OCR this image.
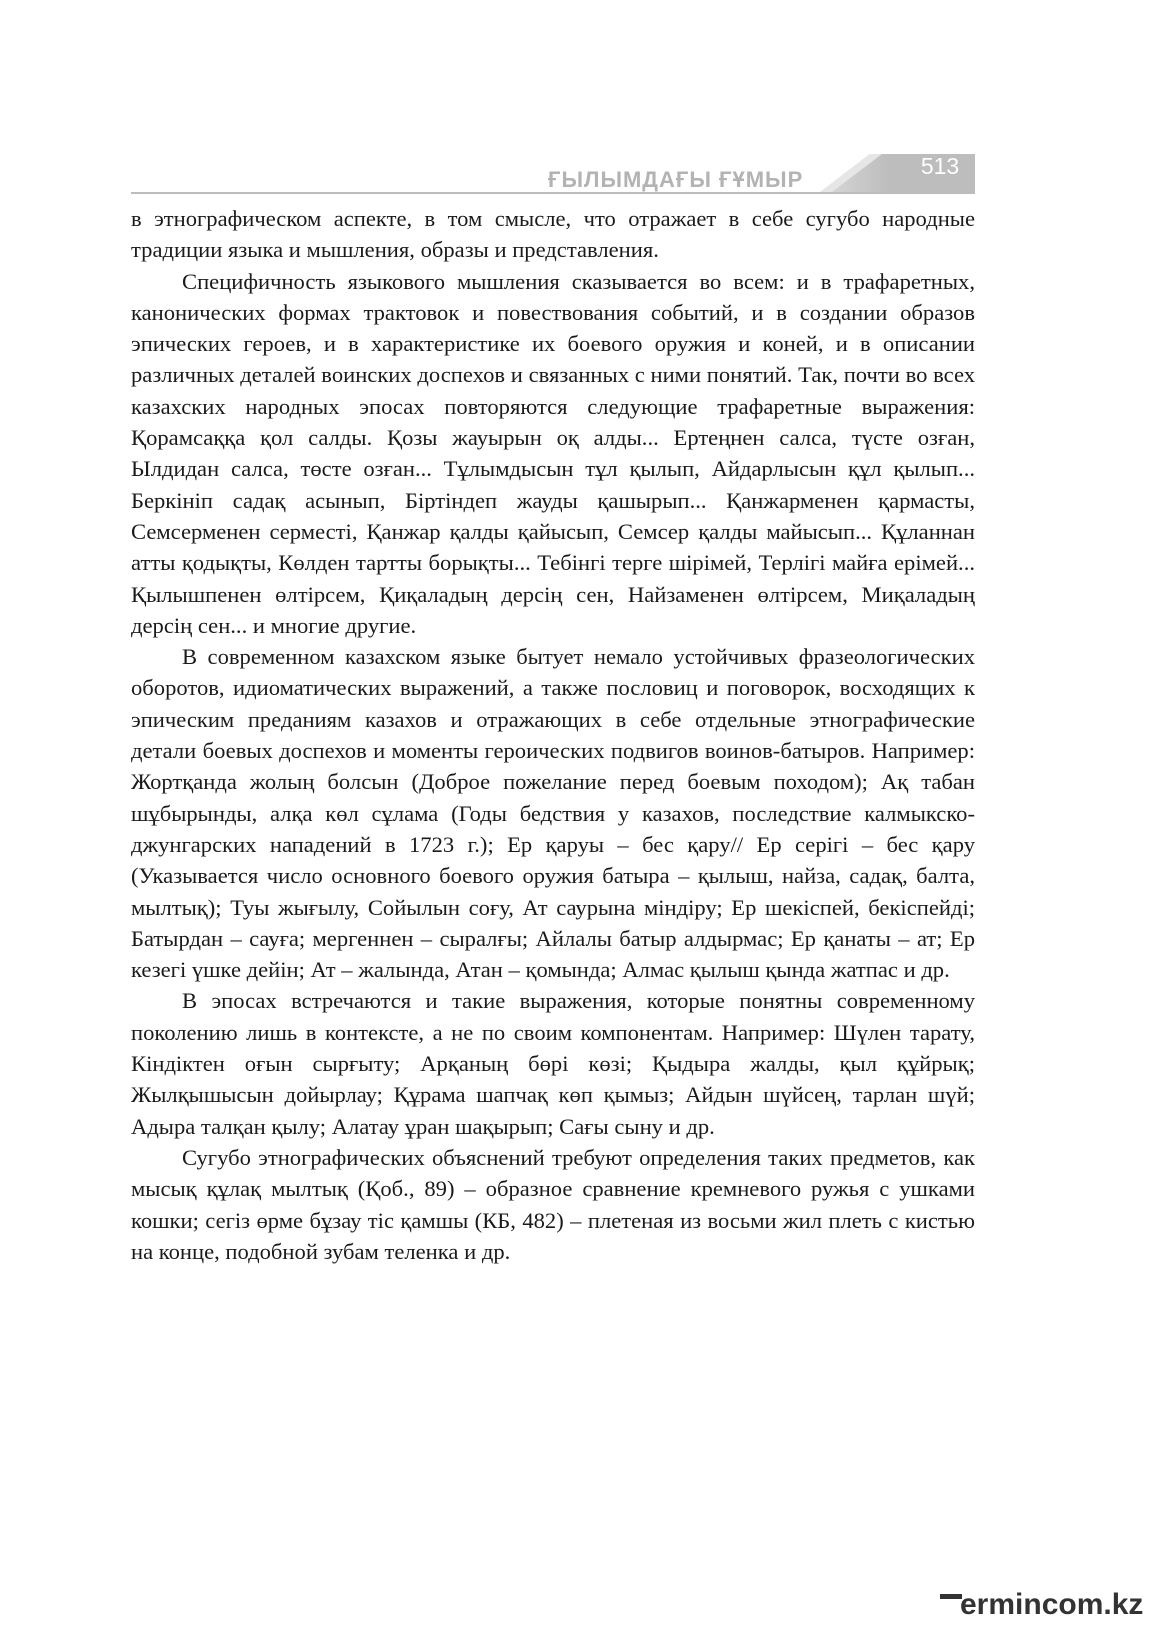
ҒЫЛЫМДАҒЫ ҒҰМЫР
513

в этнографическом аспекте, в том смысле, что отражает в себе сугубо народные традиции языка и мышления, образы и представления.

Специфичность языкового мышления сказывается во всем: и в трафаретных, канонических формах трактовок и повествования событий, и в создании образов эпических героев, и в характеристике их боевого оружия и коней, и в описании различных деталей воинских доспехов и связанных с ними понятий. Так, почти во всех казахских народных эпосах повторяются следующие трафаретные выражения: Қорамсаққа қол салды. Қозы жауырын оқ алды... Ертеңнен салса, түсте озған, Ылдидан салса, төсте озған... Тұлымдысын тұл қылып, Айдарлысын құл қылып... Беркініп садақ асынып, Біртіндеп жауды қашырып... Қанжарменен қармасты, Семсерменен серместі, Қанжар қалды қайысып, Семсер қалды майысып... Құланнан атты қодықты, Көлден тартты борықты... Тебінгі терге шірімей, Терлігі майға ерімей... Қылышпенен өлтірсем, Қиқаладың дерсің сен, Найзаменен өлтірсем, Миқаладың дерсің сен... и многие другие.

В современном казахском языке бытует немало устойчивых фразеологических оборотов, идиоматических выражений, а также пословиц и поговорок, восходящих к эпическим преданиям казахов и отражающих в себе отдельные этнографические детали боевых доспехов и моменты героических подвигов воинов-батыров. Например: Жортқанда жолың болсын (Доброе пожелание перед боевым походом); Ақ табан шұбырынды, алқа көл сұлама (Годы бедствия у казахов, последствие калмыкско-джунгарских нападений в 1723 г.); Ер қаруы – бес қару// Ер серігі – бес қару (Указывается число основного боевого оружия батыра – қылыш, найза, садақ, балта, мылтық); Туы жығылу, Сойылын соғу, Ат саурына міндіру; Ер шекіспей, бекіспейді; Батырдан – сауға; мергеннен – сыралғы; Айлалы батыр алдырмас; Ер қанаты – ат; Ер кезегі үшке дейін; Ат – жалында, Атан – қомында; Алмас қылыш қында жатпас и др.

В эпосах встречаются и такие выражения, которые понятны современному поколению лишь в контексте, а не по своим компонентам. Например: Шүлен тарату, Кіндіктен оғын сырғыту; Арқаның бөрі көзі; Қыдыра жалды, қыл құйрық; Жылқышысын дойырлау; Құрама шапчақ көп қымыз; Айдын шүйсең, тарлан шүй; Адыра талқан қылу; Алатау ұран шақырып; Сағы сыну и др.

Сугубо этнографических объяснений требуют определения таких предметов, как мысық құлақ мылтық (Қоб., 89) – образное сравнение кремневого ружья с ушками кошки; сегіз өрме бұзау тіс қамшы (КБ, 482) – плетеная из восьми жил плеть с кистью на конце, подобной зубам теленка и др.

ermincom.kz
